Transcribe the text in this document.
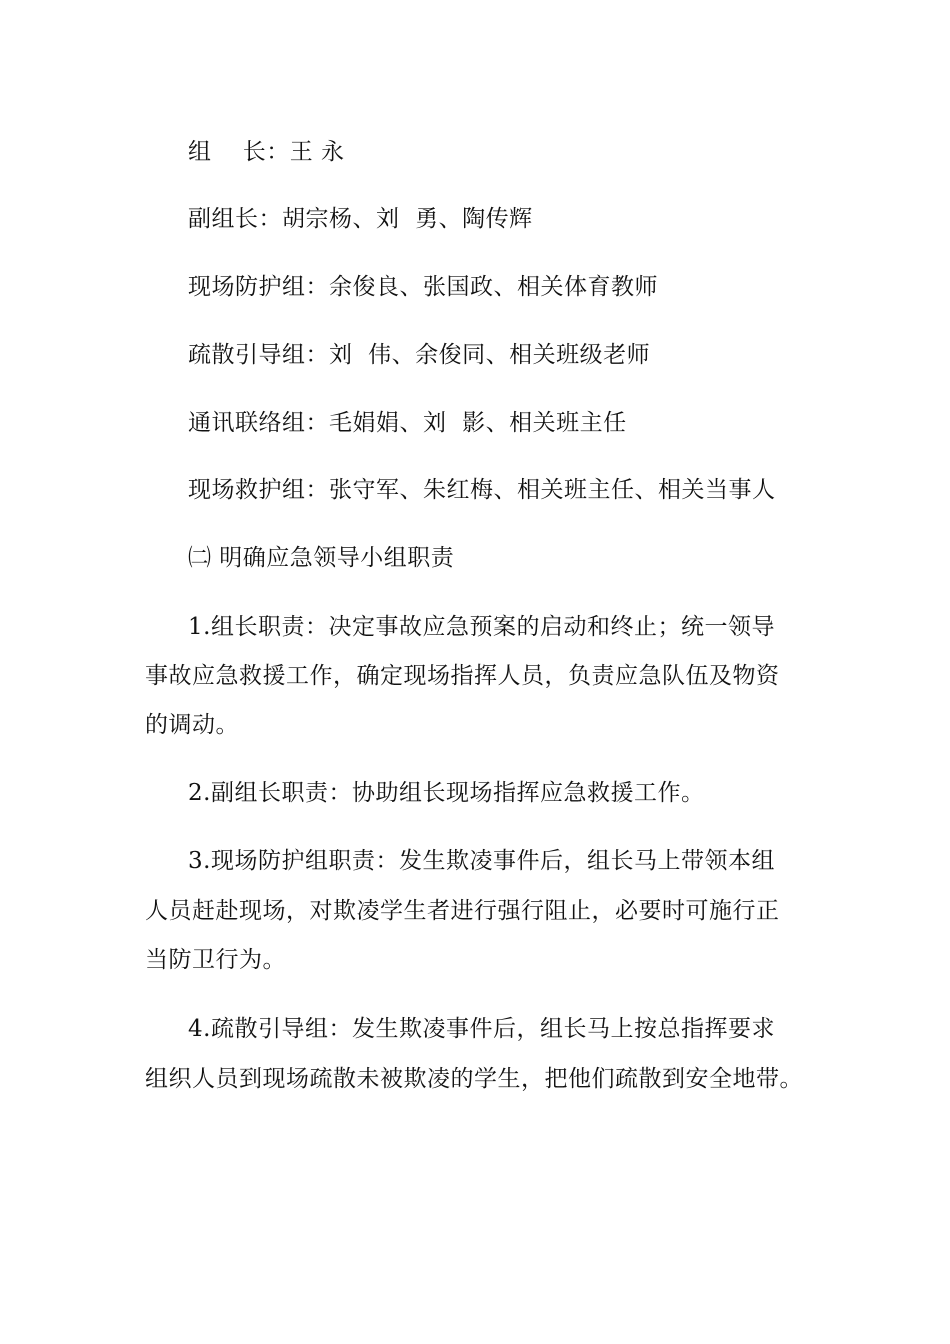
组    长：王 永
副组长：胡宗杨、刘  勇、陶传辉
现场防护组：余俊良、张国政、相关体育教师
疏散引导组：刘  伟、余俊同、相关班级老师
通讯联络组：毛娟娟、刘  影、相关班主任
现场救护组：张守军、朱红梅、相关班主任、相关当事人
㈡ 明确应急领导小组职责
1.组长职责：决定事故应急预案的启动和终止；统一领导
事故应急救援工作，确定现场指挥人员，负责应急队伍及物资
的调动。
2.副组长职责：协助组长现场指挥应急救援工作。
3.现场防护组职责：发生欺凌事件后，组长马上带领本组
人员赶赴现场，对欺凌学生者进行强行阻止，必要时可施行正
当防卫行为。
4.疏散引导组：发生欺凌事件后，组长马上按总指挥要求
组织人员到现场疏散未被欺凌的学生，把他们疏散到安全地带。
